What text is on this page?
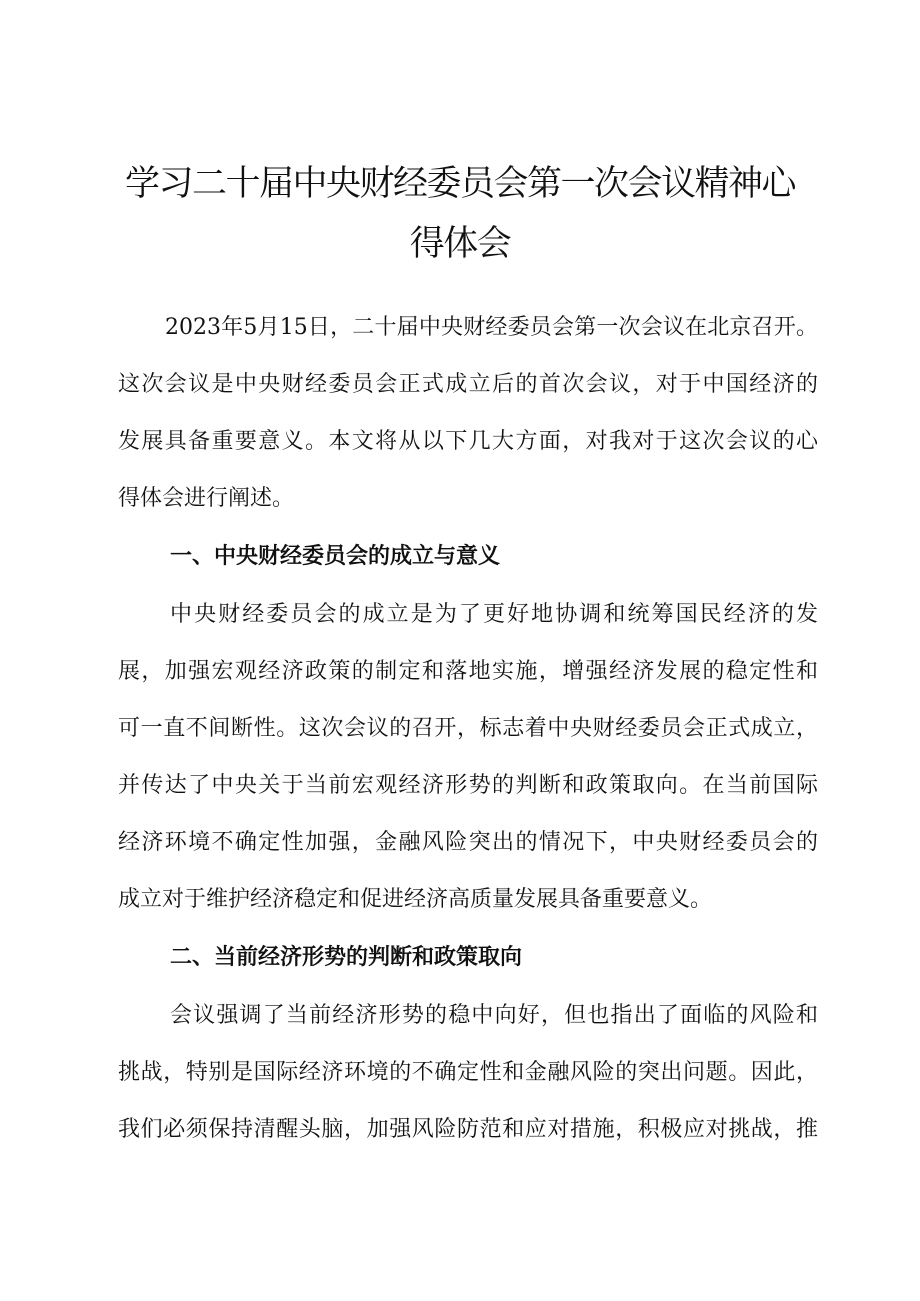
学习二十届中央财经委员会第一次会议精神心
得体会

2023年5月15日，二十届中央财经委员会第一次会议在北京召开。

这次会议是中央财经委员会正式成立后的首次会议，对于中国经济的

发展具备重要意义。本文将从以下几大方面，对我对于这次会议的心

得体会进行阐述。

一、中央财经委员会的成立与意义

中央财经委员会的成立是为了更好地协调和统筹国民经济的发

展，加强宏观经济政策的制定和落地实施，增强经济发展的稳定性和

可一直不间断性。这次会议的召开，标志着中央财经委员会正式成立，

并传达了中央关于当前宏观经济形势的判断和政策取向。在当前国际

经济环境不确定性加强，金融风险突出的情况下，中央财经委员会的

成立对于维护经济稳定和促进经济高质量发展具备重要意义。

二、当前经济形势的判断和政策取向

会议强调了当前经济形势的稳中向好，但也指出了面临的风险和

挑战，特别是国际经济环境的不确定性和金融风险的突出问题。因此，

我们必须保持清醒头脑，加强风险防范和应对措施，积极应对挑战，推
